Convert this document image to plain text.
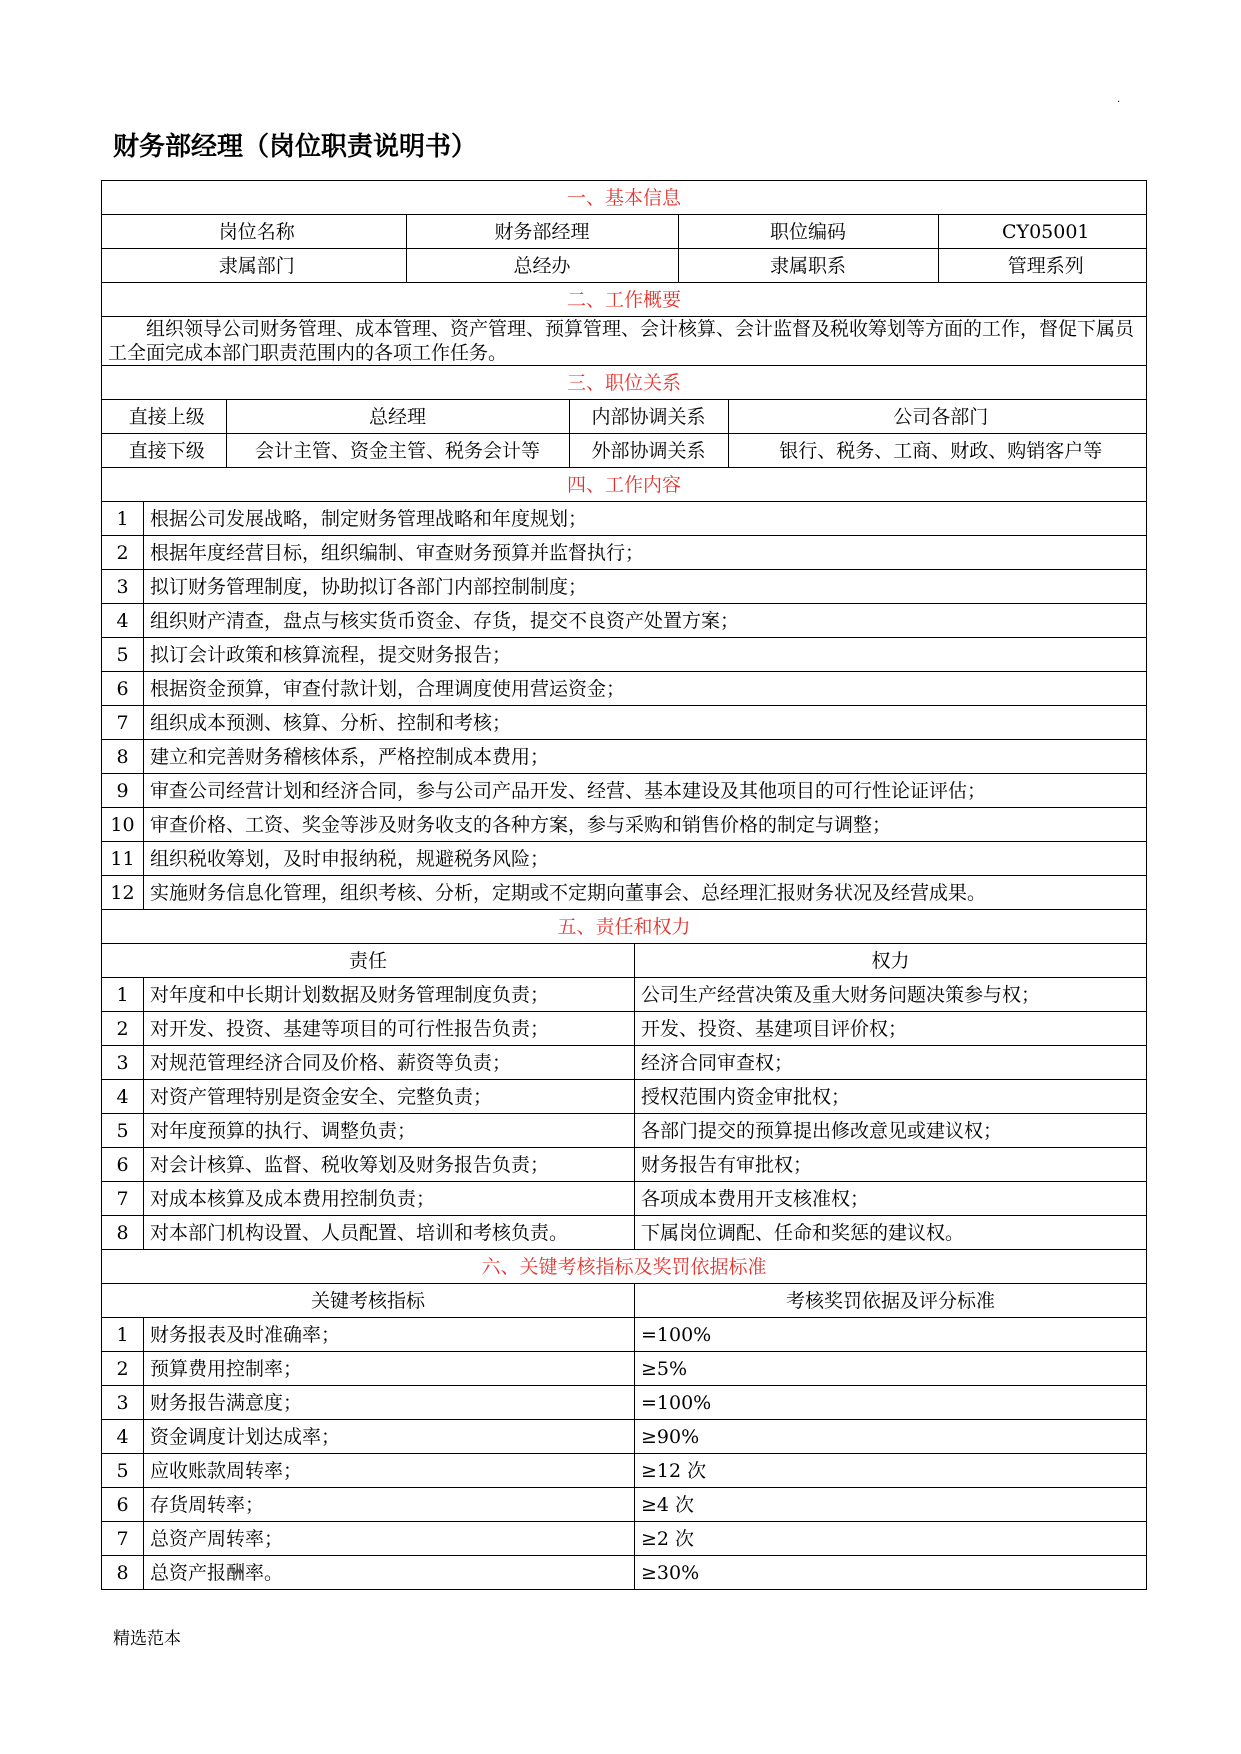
.
财务部经理（岗位职责说明书）
一、基本信息

岗位名称	财务部经理	职位编码	CY05001

隶属部门	总经办	隶属职系	管理系列

二、工作概要
组织领导公司财务管理、成本管理、资产管理、预算管理、会计核算、会计监督及税收筹划等方面的工作，督促下属员工全面完成本部门职责范围内的各项工作任务。
三、职位关系

直接上级	总经理	内部协调关系	公司各部门

直接下级	会计主管、资金主管、税务会计等	外部协调关系	银行、税务、工商、财政、购销客户等

四、工作内容
1	根据公司发展战略，制定财务管理战略和年度规划；
2	根据年度经营目标，组织编制、审查财务预算并监督执行；
3	拟订财务管理制度，协助拟订各部门内部控制制度；
4	组织财产清查，盘点与核实货币资金、存货，提交不良资产处置方案；
5	拟订会计政策和核算流程，提交财务报告；
6	根据资金预算，审查付款计划，合理调度使用营运资金；
7	组织成本预测、核算、分析、控制和考核；
8	建立和完善财务稽核体系，严格控制成本费用；
9	审查公司经营计划和经济合同，参与公司产品开发、经营、基本建设及其他项目的可行性论证评估；
10	审查价格、工资、奖金等涉及财务收支的各种方案，参与采购和销售价格的制定与调整；
11	组织税收筹划，及时申报纳税，规避税务风险；
12	实施财务信息化管理，组织考核、分析，定期或不定期向董事会、总经理汇报财务状况及经营成果。
五、责任和权力
责任	权力
1	对年度和中长期计划数据及财务管理制度负责；	公司生产经营决策及重大财务问题决策参与权；
2	对开发、投资、基建等项目的可行性报告负责；	开发、投资、基建项目评价权；
3	对规范管理经济合同及价格、薪资等负责；	经济合同审查权；
4	对资产管理特别是资金安全、完整负责；	授权范围内资金审批权；
5	对年度预算的执行、调整负责；	各部门提交的预算提出修改意见或建议权；
6	对会计核算、监督、税收筹划及财务报告负责；	财务报告有审批权；
7	对成本核算及成本费用控制负责；	各项成本费用开支核准权；
8	对本部门机构设置、人员配置、培训和考核负责。	下属岗位调配、任命和奖惩的建议权。
六、关键考核指标及奖罚依据标准
关键考核指标	考核奖罚依据及评分标准
1	财务报表及时准确率；	=100%
2	预算费用控制率；	≥5%
3	财务报告满意度；	=100%
4	资金调度计划达成率；	≥90%
5	应收账款周转率；	≥12 次
6	存货周转率；	≥4 次
7	总资产周转率；	≥2 次
8	总资产报酬率。	≥30%
精选范本
